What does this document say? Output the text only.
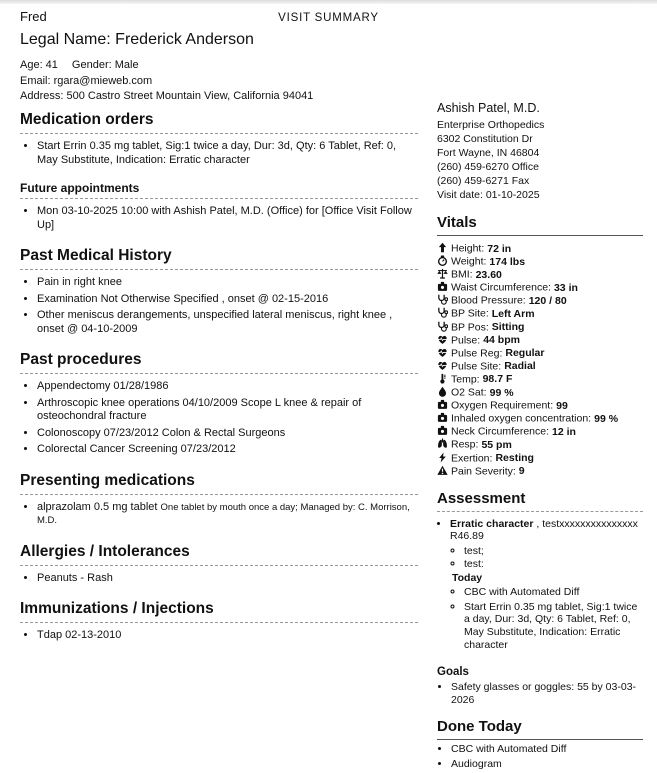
VISIT SUMMARY
Fred
Legal Name: Frederick Anderson
Age: 41 Gender: Male
Email: rgara@mieweb.com
Address: 500 Castro Street Mountain View, California 94041
Medication orders
• Start Errin 0.35 mg tablet, Sig:1 twice a day, Dur: 3d, Qty: 6 Tablet, Ref: 0, May Substitute, Indication: Erratic character
Future appointments
• Mon 03-10-2025 10:00 with Ashish Patel, M.D. (Office) for [Office Visit Follow Up]
Past Medical History
• Pain in right knee
• Examination Not Otherwise Specified , onset @ 02-15-2016
• Other meniscus derangements, unspecified lateral meniscus, right knee , onset @ 04-10-2009
Past procedures
• Appendectomy 01/28/1986
• Arthroscopic knee operations 04/10/2009 Scope L knee & repair of osteochondral fracture
• Colonoscopy 07/23/2012 Colon & Rectal Surgeons
• Colorectal Cancer Screening 07/23/2012
Presenting medications
• alprazolam 0.5 mg tablet One tablet by mouth once a day; Managed by: C. Morrison, M.D.
Allergies / Intolerances
• Peanuts - Rash
Immunizations / Injections
• Tdap 02-13-2010
Ashish Patel, M.D.
Enterprise Orthopedics
6302 Constitution Dr
Fort Wayne, IN 46804
(260) 459-6270 Office
(260) 459-6271 Fax
Visit date: 01-10-2025
Vitals
Height: 72 in
Weight: 174 lbs
BMI: 23.60
Waist Circumference: 33 in
Blood Pressure: 120 / 80
BP Site: Left Arm
BP Pos: Sitting
Pulse: 44 bpm
Pulse Reg: Regular
Pulse Site: Radial
Temp: 98.7 F
O2 Sat: 99 %
Oxygen Requirement: 99
Inhaled oxygen concentration: 99 %
Neck Circumference: 12 in
Resp: 55 pm
Exertion: Resting
Pain Severity: 9
Assessment
• Erratic character , testxxxxxxxxxxxxxxx R46.89
◦ test;
◦ test:
Today
◦ CBC with Automated Diff
◦ Start Errin 0.35 mg tablet, Sig:1 twice a day, Dur: 3d, Qty: 6 Tablet, Ref: 0, May Substitute, Indication: Erratic character
Goals
• Safety glasses or goggles: 55 by 03-03-2026
Done Today
• CBC with Automated Diff
• Audiogram
